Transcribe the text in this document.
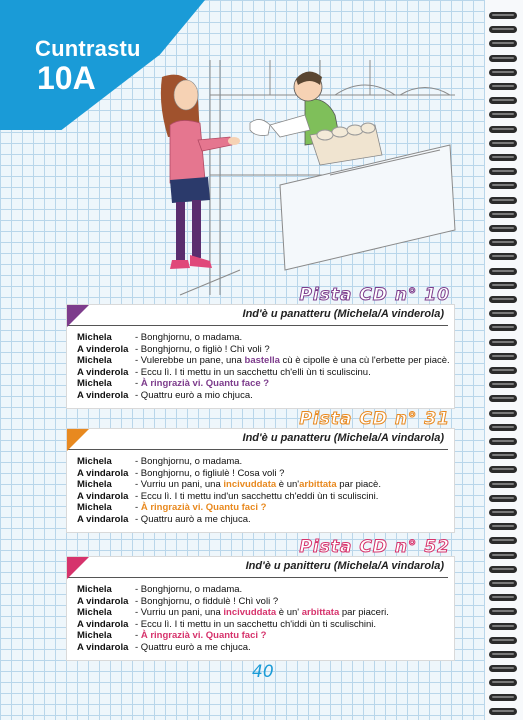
Cuntrastu
10A
Pista CD n° 10
Ind'è u panatteru (Michela/A vinderola)
Michela	- Bonghjornu, o madama.
A vinderola - Bonghjornu, o figliò ! Chì voli ?
Michela	- Vulerebbe un pane, una bastella cù è cipolle è una cù l'erbette per piacè.
A vinderola - Eccu lì. I ti mettu in un sacchettu ch'elli ùn ti sculiscinu.
Michela	- À ringrazià vi. Quantu face ?
A vinderola - Quattru eurò a mio chjuca.
Pista CD n° 31
Ind'è u panatteru (Michela/A vindarola)
Michela	- Bonghjornu, o madama.
A vindarola - Bonghjornu, o figliulè ! Cosa voli ?
Michela	- Vurriu un pani, una incivuddata è un'arbittata par piacè.
A vindarola - Eccu lì. I ti mettu ind'un sacchettu ch'eddi ùn ti sculiscini.
Michela	- À ringrazià vi. Quantu faci ?
A vindarola - Quattru aurò a me chjuca.
Pista CD n° 52
Ind'è u panitteru (Michela/A vindarola)
Michela	- Bonghjornu, o madama.
A vindarola - Bonghjornu, o fiddulè ! Chì voli ?
Michela	- Vurriu un pani, una incivuddata è un' arbittata par piaceri.
A vindarola - Eccu lì. I ti mettu in un sacchettu ch'iddi ùn ti sculischini.
Michela	- À ringrazià vi. Quantu faci ?
A vindarola - Quattru eurò a me chjuca.
40
